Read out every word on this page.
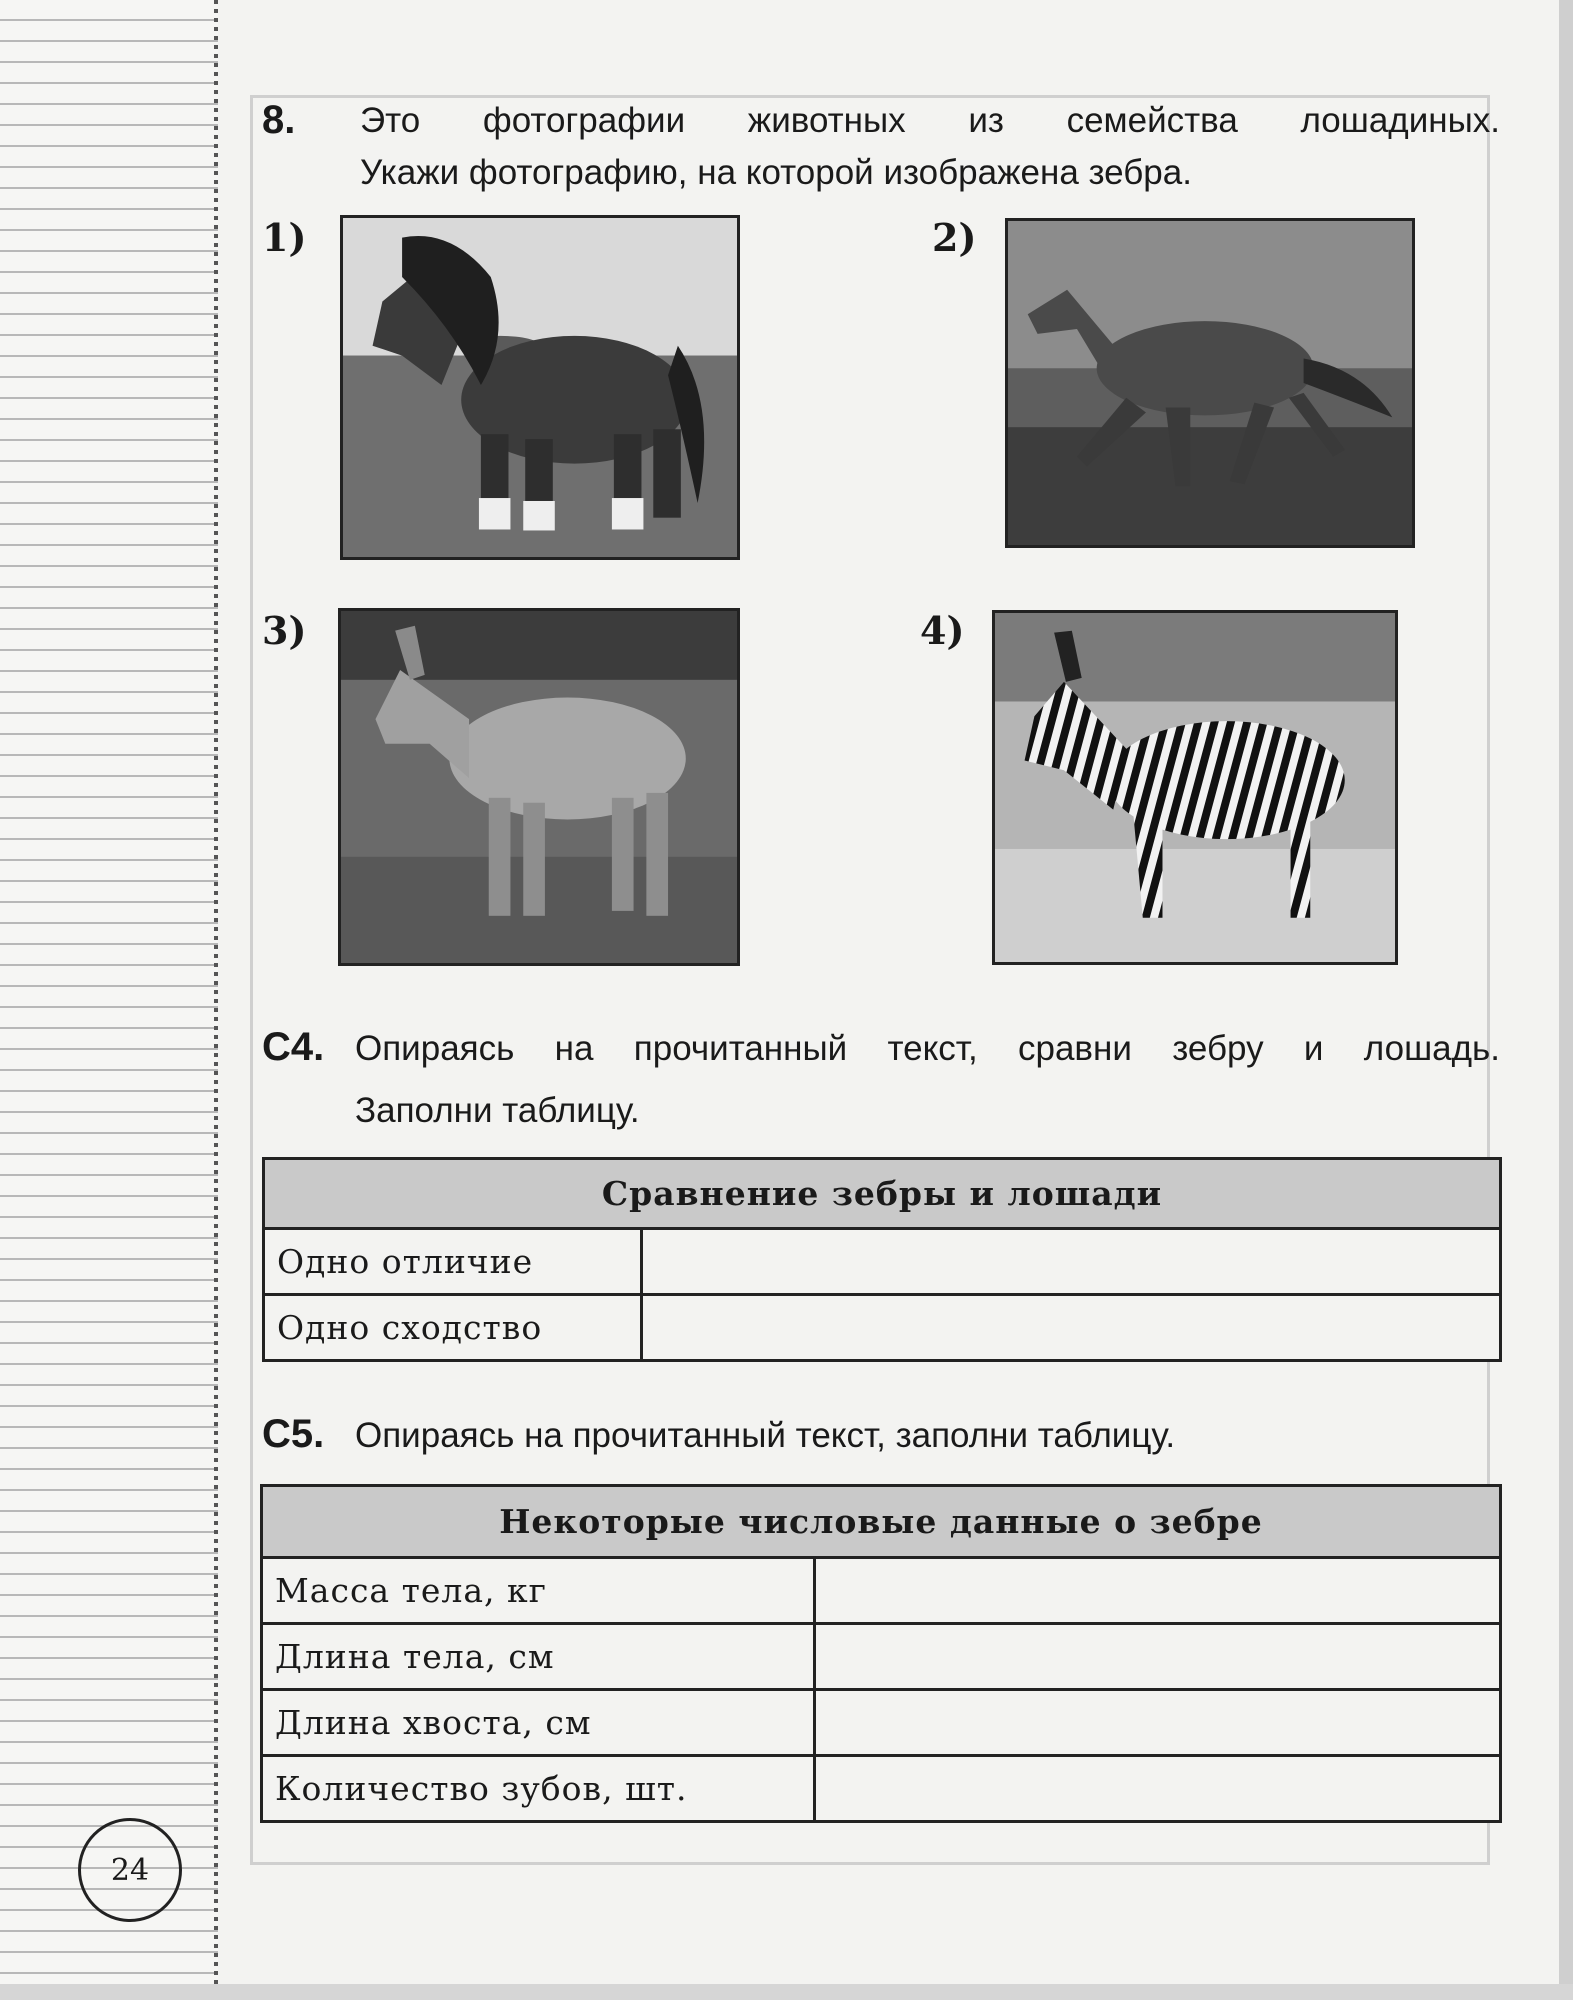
8. Это фотографии животных из семейства лошадиных.
Укажи фотографию, на которой изображена зебра.
1)	2)
3)	4)
С4. Опираясь на прочитанный текст, сравни зебру и лошадь.
Заполни таблицу.
Сравнение зебры и лошади	
Одно отличие	
Одно сходство	
С5. Опираясь на прочитанный текст, заполни таблицу.
Некоторые числовые данные о зебре	
Масса тела, кг	
Длина тела, см	
Длина хвоста, см	
Количество зубов, шт.	
24
